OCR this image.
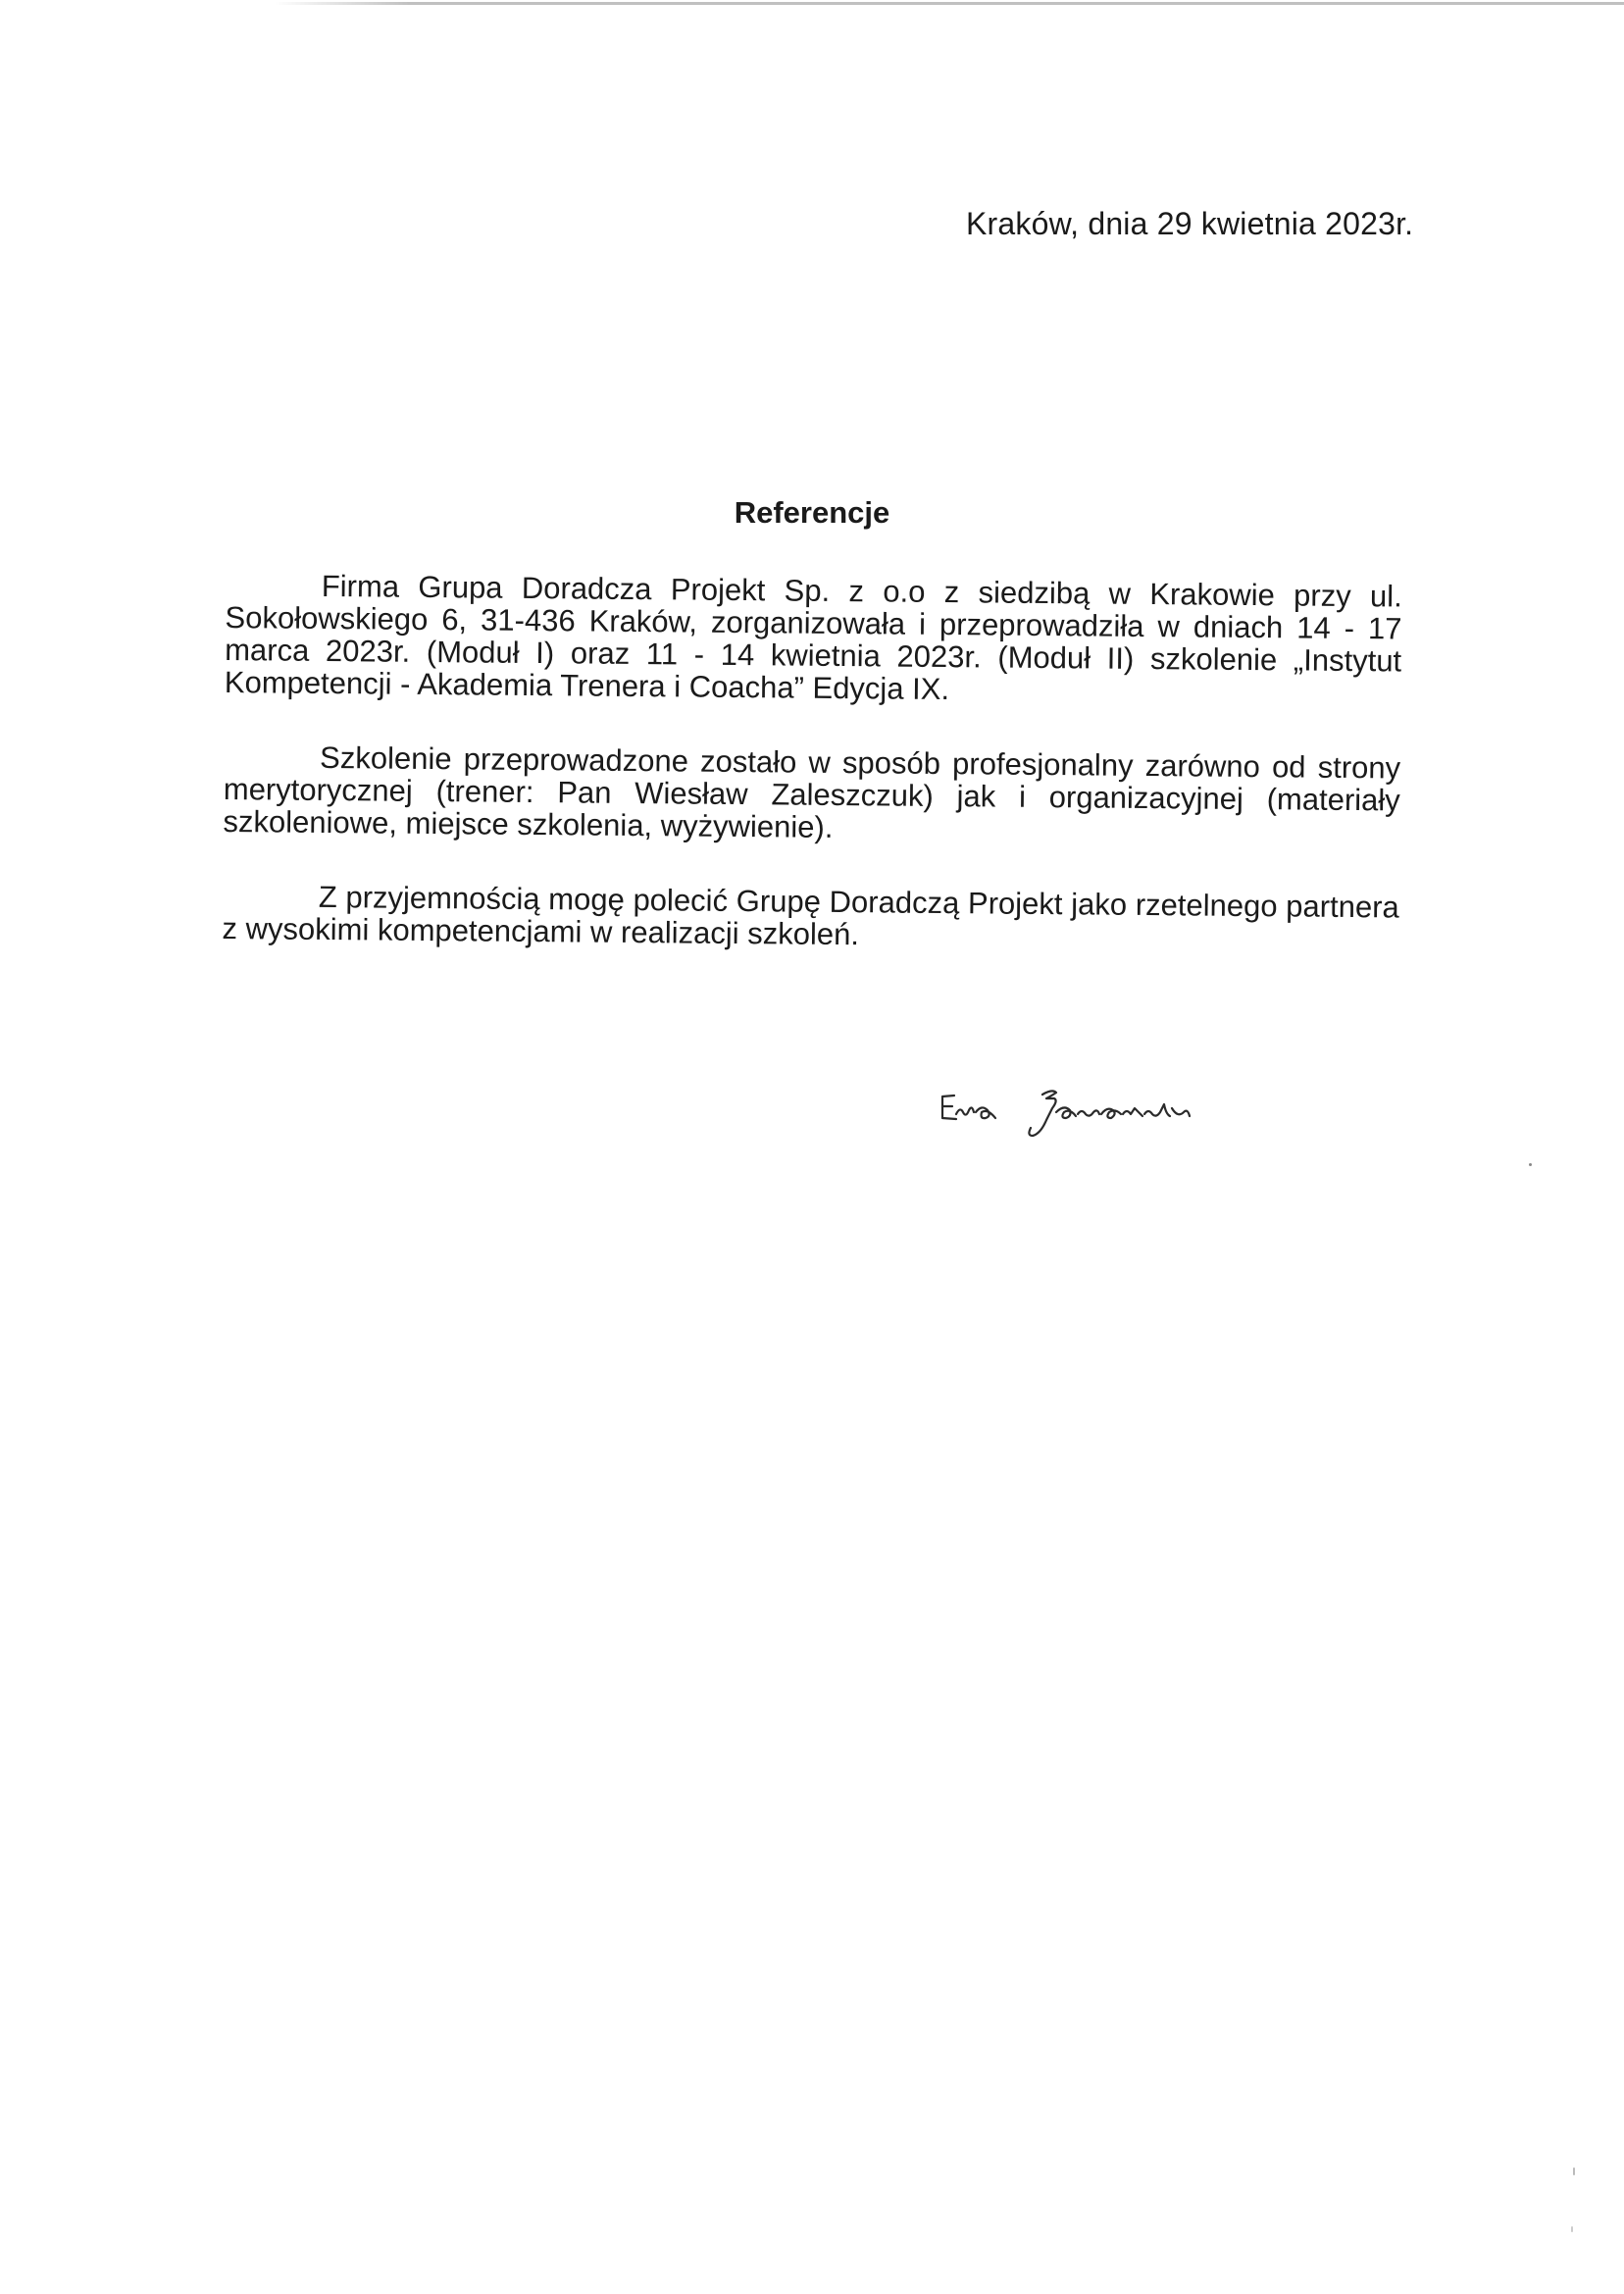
Kraków, dnia 29 kwietnia 2023r.
Referencje

Firma Grupa Doradcza Projekt Sp. z o.o z siedzibą w Krakowie przy ul. Sokołowskiego 6, 31-436 Kraków, zorganizowała i przeprowadziła w dniach 14 - 17 marca 2023r. (Moduł I) oraz 11 - 14 kwietnia 2023r. (Moduł II) szkolenie „Instytut Kompetencji - Akademia Trenera i Coacha” Edycja IX.

Szkolenie przeprowadzone zostało w sposób profesjonalny zarówno od strony merytorycznej (trener: Pan Wiesław Zaleszczuk) jak i organizacyjnej (materiały szkoleniowe, miejsce szkolenia, wyżywienie).

Z przyjemnością mogę polecić Grupę Doradczą Projekt jako rzetelnego partnera z wysokimi kompetencjami w realizacji szkoleń.
